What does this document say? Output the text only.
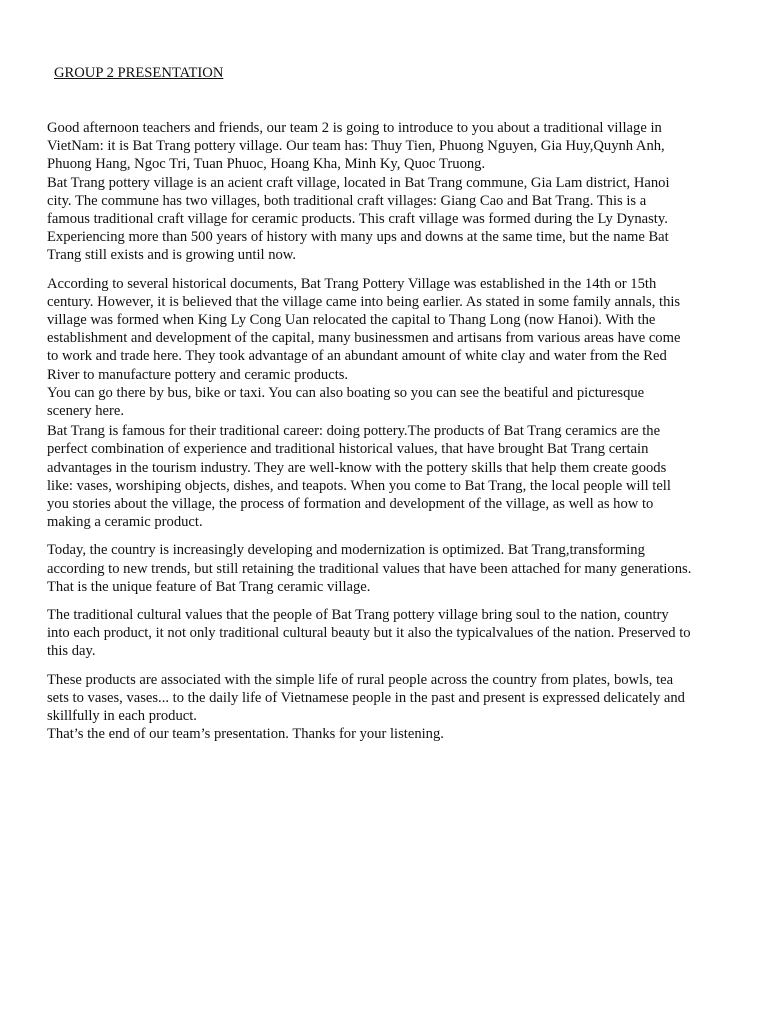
GROUP 2 PRESENTATION

Good afternoon teachers and friends, our team 2 is going to introduce to you about a traditional village in
VietNam: it is Bat Trang pottery village. Our team has: Thuy Tien, Phuong Nguyen, Gia Huy,Quynh Anh,
Phuong Hang, Ngoc Tri, Tuan Phuoc, Hoang Kha, Minh Ky, Quoc Truong.

Bat Trang pottery village is an acient craft village, located in Bat Trang commune, Gia Lam district, Hanoi
city. The commune has two villages, both traditional craft villages: Giang Cao and Bat Trang. This is a
famous traditional craft village for ceramic products. This craft village was formed during the Ly Dynasty.
Experiencing more than 500 years of history with many ups and downs at the same time, but the name Bat
Trang still exists and is growing until now.

According to several historical documents, Bat Trang Pottery Village was established in the 14th or 15th
century. However, it is believed that the village came into being earlier. As stated in some family annals, this
village was formed when King Ly Cong Uan relocated the capital to Thang Long (now Hanoi). With the
establishment and development of the capital, many businessmen and artisans from various areas have come
to work and trade here. They took advantage of an abundant amount of white clay and water from the Red
River to manufacture pottery and ceramic products.

You can go there by bus, bike or taxi. You can also boating so you can see the beatiful and picturesque
scenery here.

Bat Trang is famous for their traditional career: doing pottery.The products of Bat Trang ceramics are the
perfect combination of experience and traditional historical values, that have brought Bat Trang certain
advantages in the tourism industry. They are well-know with the pottery skills that help them create goods
like: vases, worshiping objects, dishes, and teapots. When you come to Bat Trang, the local people will tell
you stories about the village, the process of formation and development of the village, as well as how to
making a ceramic product.

Today, the country is increasingly developing and modernization is optimized. Bat Trang,transforming
according to new trends, but still retaining the traditional values that have been attached for many generations.
That is the unique feature of Bat Trang ceramic village.

The traditional cultural values that the people of Bat Trang pottery village bring soul to the nation, country
into each product, it not only traditional cultural beauty but it also the typicalvalues of the nation. Preserved to
this day.

These products are associated with the simple life of rural people across the country from plates, bowls, tea
sets to vases, vases... to the daily life of Vietnamese people in the past and present is expressed delicately and
skillfully in each product.

That’s the end of our team’s presentation. Thanks for your listening.
